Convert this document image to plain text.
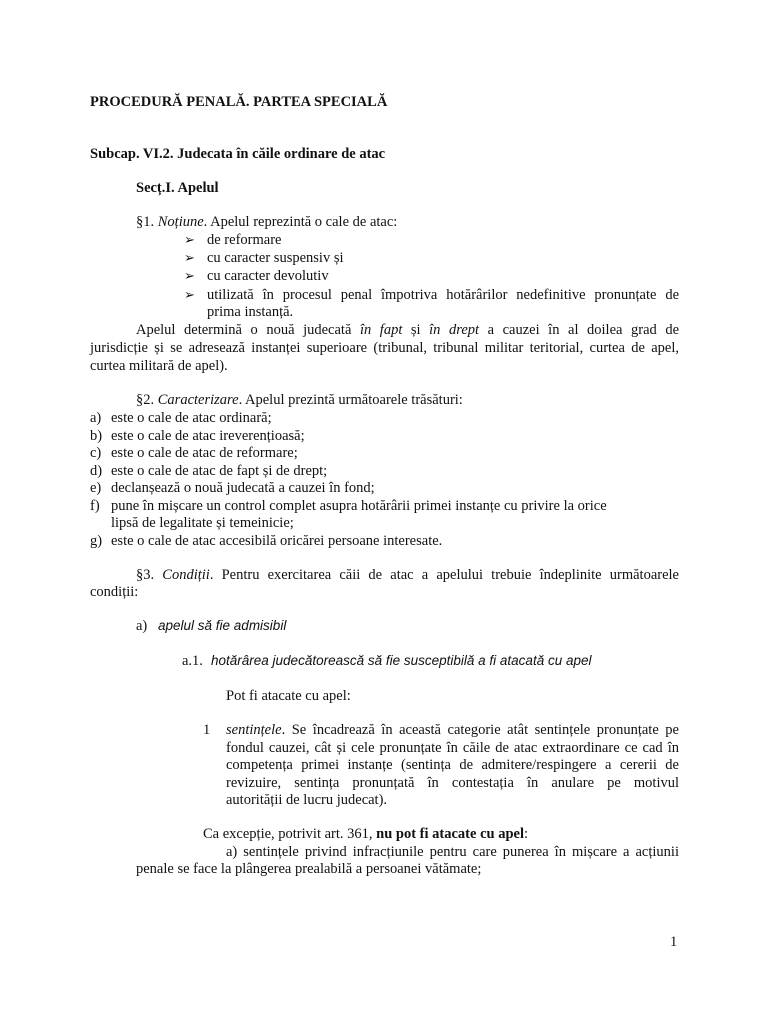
PROCEDURĂ PENALĂ. PARTEA SPECIALĂ
Subcap. VI.2. Judecata în căile ordinare de atac
Secț.I. Apelul
§1. Noțiune. Apelul reprezintă o cale de atac:
➢ de reformare
➢ cu caracter suspensiv și
➢ cu caracter devolutiv
➢ utilizată în procesul penal împotriva hotărârilor nedefinitive pronunțate de
prima instanță.
Apelul determină o nouă judecată în fapt și în drept a cauzei în al doilea grad de
jurisdicție și se adresează instanței superioare (tribunal, tribunal militar teritorial, curtea de apel,
curtea militară de apel).
§2. Caracterizare. Apelul prezintă următoarele trăsături:
a) este o cale de atac ordinară;
b) este o cale de atac ireverențioasă;
c) este o cale de atac de reformare;
d) este o cale de atac de fapt și de drept;
e) declanșează o nouă judecată a cauzei în fond;
f) pune în mișcare un control complet asupra hotărârii primei instanțe cu privire la orice
lipsă de legalitate și temeinicie;
g) este o cale de atac accesibilă oricărei persoane interesate.
§3. Condiții. Pentru exercitarea căii de atac a apelului trebuie îndeplinite următoarele
condiții:
a) apelul să fie admisibil
a.1. hotărârea judecătorească să fie susceptibilă a fi atacată cu apel
Pot fi atacate cu apel:
1 sentințele. Se încadrează în această categorie atât sentințele pronunțate pe
fondul cauzei, cât și cele pronunțate în căile de atac extraordinare ce cad în
competența primei instanțe (sentința de admitere/respingere a cererii de
revizuire, sentința pronunțată în contestația în anulare pe motivul
autorității de lucru judecat).
Ca excepție, potrivit art. 361, nu pot fi atacate cu apel:
a) sentințele privind infracțiunile pentru care punerea în mișcare a acțiunii
penale se face la plângerea prealabilă a persoanei vătămate;
1
